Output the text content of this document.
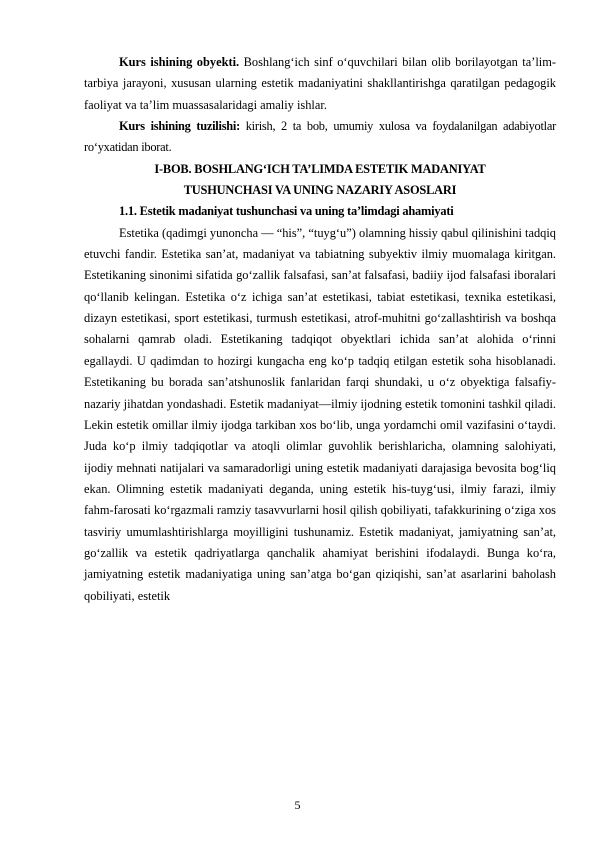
Kurs ishining obyekti. Boshlang‘ich sinf o‘quvchilari bilan olib borilayotgan ta’lim-tarbiya jarayoni, xususan ularning estetik madaniyatini shakllantirishga qaratilgan pedagogik faoliyat va ta’lim muassasalaridagi amaliy ishlar.

Kurs ishining tuzilishi: kirish, 2 ta bob, umumiy xulosa va foydalanilgan adabiyotlar ro‘yxatidan iborat.

I-BOB. BOSHLANG‘ICH TA’LIMDA ESTETIK MADANIYAT

TUSHUNCHASI VA UNING NAZARIY ASOSLARI

1.1. Estetik madaniyat tushunchasi va uning ta’limdagi ahamiyati

Estetika (qadimgi yunoncha — “his”, “tuyg‘u”) olamning hissiy qabul qilinishini tadqiq etuvchi fandir. Estetika san’at, madaniyat va tabiatning subyektiv ilmiy muomalaga kiritgan. Estetikaning sinonimi sifatida go‘zallik falsafasi, san’at falsafasi, badiiy ijod falsafasi iboralari qo‘llanib kelingan. Estetika o‘z ichiga san’at estetikasi, tabiat estetikasi, texnika estetikasi, dizayn estetikasi, sport estetikasi, turmush estetikasi, atrof-muhitni go‘zallashtirish va boshqa sohalarni qamrab oladi. Estetikaning tadqiqot obyektlari ichida san’at alohida o‘rinni egallaydi. U qadimdan to hozirgi kungacha eng ko‘p tadqiq etilgan estetik soha hisoblanadi. Estetikaning bu borada san’atshunoslik fanlaridan farqi shundaki, u o‘z obyektiga falsafiy-nazariy jihatdan yondashadi. Estetik madaniyat—ilmiy ijodning estetik tomonini tashkil qiladi. Lekin estetik omillar ilmiy ijodga tarkiban xos bo‘lib, unga yordamchi omil vazifasini o‘taydi. Juda ko‘p ilmiy tadqiqotlar va atoqli olimlar guvohlik berishlaricha, olamning salohiyati, ijodiy mehnati natijalari va samaradorligi uning estetik madaniyati darajasiga bevosita bog‘liq ekan. Olimning estetik madaniyati deganda, uning estetik his-tuyg‘usi, ilmiy farazi, ilmiy fahm-farosati ko‘rgazmali ramziy tasavvurlarni hosil qilish qobiliyati, tafakkurining o‘ziga xos tasviriy umumlashtirishlarga moyilligini tushunamiz. Estetik madaniyat, jamiyatning san’at, go‘zallik va estetik qadriyatlarga qanchalik ahamiyat berishini ifodalaydi. Bunga ko‘ra, jamiyatning estetik madaniyatiga uning san’atga bo‘gan qiziqishi, san’at asarlarini baholash qobiliyati, estetik

5
